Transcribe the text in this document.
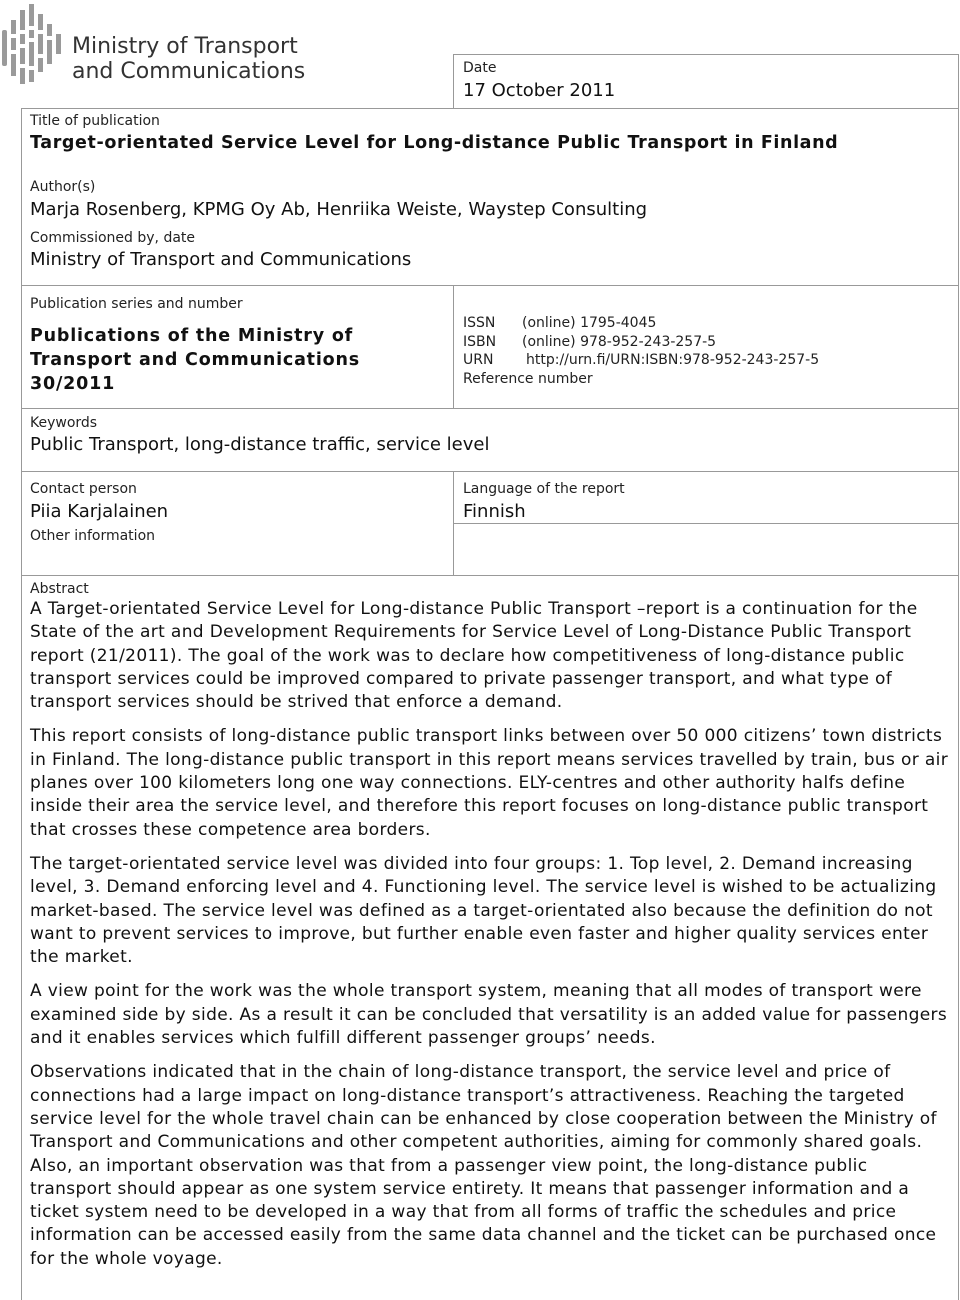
Ministry of Transport
and Communications	Date
17 October 2011
Title of publication
Target-orientated Service Level for Long-distance Public Transport in Finland
Author(s)
Marja Rosenberg, KPMG Oy Ab, Henriika Weiste, Waystep Consulting
Commissioned by, date
Ministry of Transport and Communications
Publication series and number
Publications of the Ministry of
Transport and Communications
30/2011
ISSN (online) 1795-4045
ISBN (online) 978-952-243-257-5
URN http://urn.fi/URN:ISBN:978-952-243-257-5
Reference number
Keywords
Public Transport, long-distance traffic, service level
Contact person
Piia Karjalainen
Other information
Language of the report
Finnish
Abstract

A Target-orientated Service Level for Long-distance Public Transport –report is a continuation for the State of the art and Development Requirements for Service Level of Long-Distance Public Transport report (21/2011). The goal of the work was to declare how competitiveness of long-distance public transport services could be improved compared to private passenger transport, and what type of transport services should be strived that enforce a demand.

This report consists of long-distance public transport links between over 50 000 citizens’ town districts in Finland. The long-distance public transport in this report means services travelled by train, bus or air planes over 100 kilometers long one way connections. ELY-centres and other authority halfs define inside their area the service level, and therefore this report focuses on long-distance public transport that crosses these competence area borders.

The target-orientated service level was divided into four groups: 1. Top level, 2. Demand increasing level, 3. Demand enforcing level and 4. Functioning level. The service level is wished to be actualizing market-based. The service level was defined as a target-orientated also because the definition do not want to prevent services to improve, but further enable even faster and higher quality services enter the market.

A view point for the work was the whole transport system, meaning that all modes of transport were examined side by side. As a result it can be concluded that versatility is an added value for passengers and it enables services which fulfill different passenger groups’ needs.

Observations indicated that in the chain of long-distance transport, the service level and price of connections had a large impact on long-distance transport’s attractiveness. Reaching the targeted service level for the whole travel chain can be enhanced by close cooperation between the Ministry of Transport and Communications and other competent authorities, aiming for commonly shared goals. Also, an important observation was that from a passenger view point, the long-distance public transport should appear as one system service entirety. It means that passenger information and a ticket system need to be developed in a way that from all forms of traffic the schedules and price information can be accessed easily from the same data channel and the ticket can be purchased once for the whole voyage.
